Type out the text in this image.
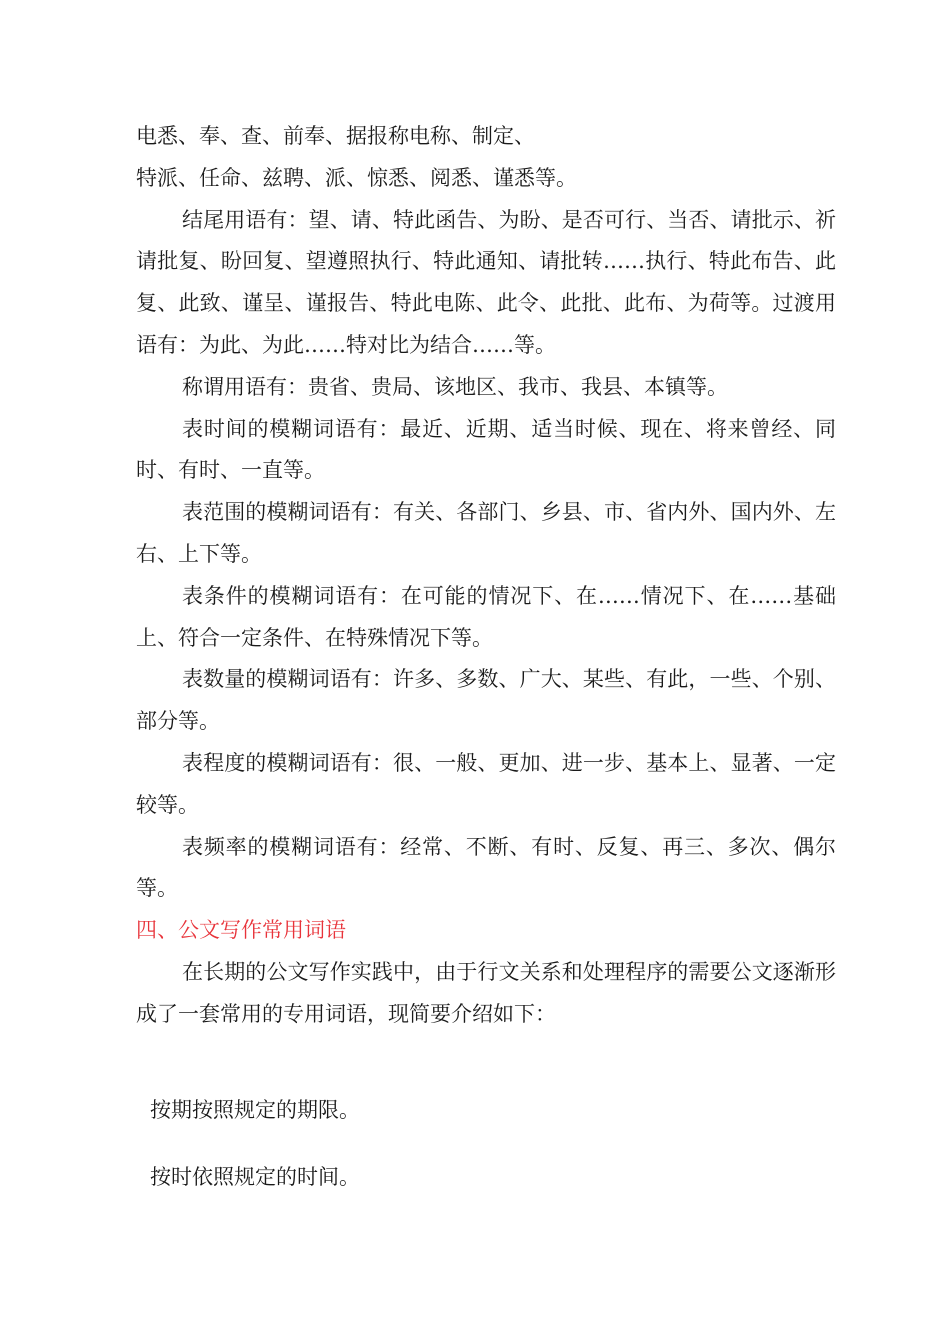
电悉、奉、查、前奉、据报称电称、制定、

特派、任命、兹聘、派、惊悉、阅悉、谨悉等。

结尾用语有：望、请、特此函告、为盼、是否可行、当否、请批示、祈请批复、盼回复、望遵照执行、特此通知、请批转……执行、特此布告、此复、此致、谨呈、谨报告、特此电陈、此令、此批、此布、为荷等。过渡用语有：为此、为此……特对比为结合……等。

称谓用语有：贵省、贵局、该地区、我市、我县、本镇等。

表时间的模糊词语有：最近、近期、适当时候、现在、将来曾经、同时、有时、一直等。

表范围的模糊词语有：有关、各部门、乡县、市、省内外、国内外、左右、上下等。

表条件的模糊词语有：在可能的情况下、在……情况下、在……基础上、符合一定条件、在特殊情况下等。

表数量的模糊词语有：许多、多数、广大、某些、有此，一些、个别、部分等。

表程度的模糊词语有：很、一般、更加、进一步、基本上、显著、一定较等。

表频率的模糊词语有：经常、不断、有时、反复、再三、多次、偶尔等。

四、公文写作常用词语

在长期的公文写作实践中，由于行文关系和处理程序的需要公文逐渐形成了一套常用的专用词语，现简要介绍如下：

按期按照规定的期限。

按时依照规定的时间。
